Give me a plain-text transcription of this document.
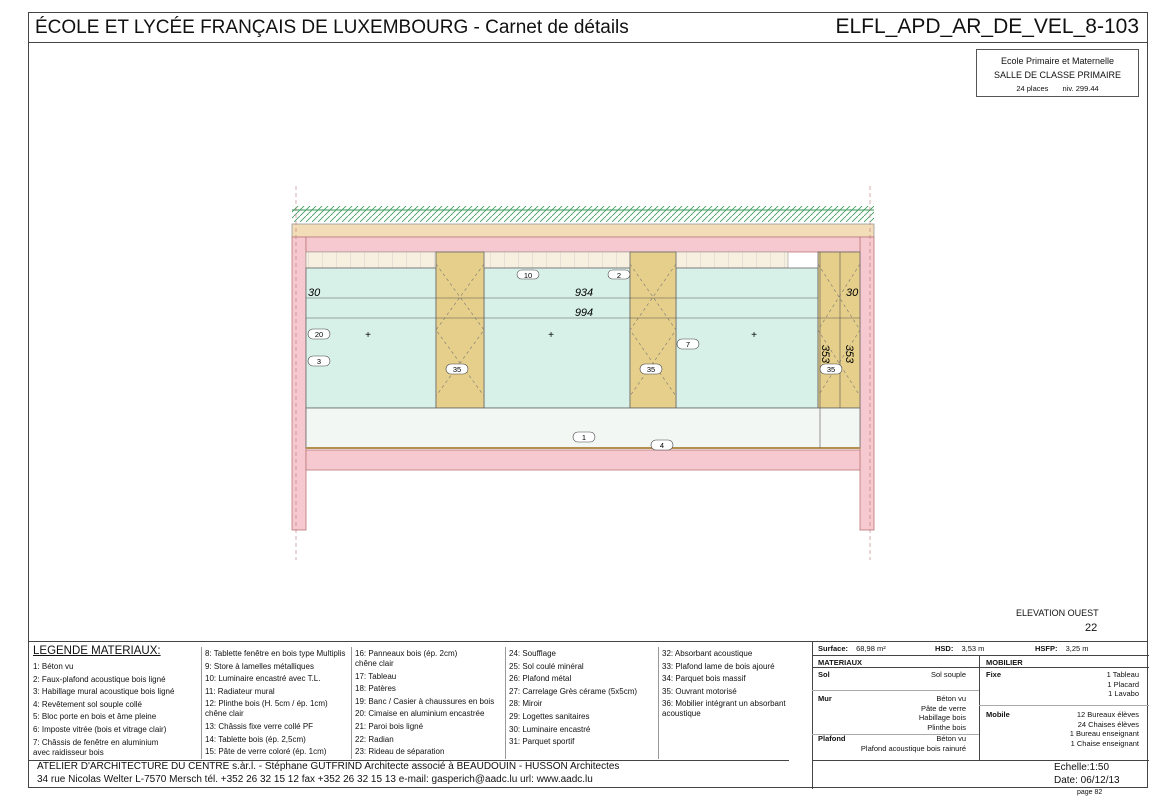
ÉCOLE ET LYCÉE FRANÇAIS DE LUXEMBOURG - Carnet de détails	ELFL_APD_AR_DE_VEL_8-103
Ecole Primaire et Maternelle
SALLE DE CLASSE PRIMAIRE
24 places niv. 299.44
ELEVATION OUEST
22
LEGENDE MATERIAUX:
1: Béton vu
2: Faux-plafond acoustique bois ligné
3: Habillage mural acoustique bois ligné
4: Revêtement sol souple collé
5: Bloc porte en bois et âme pleine
6: Imposte vitrée (bois et vitrage clair)
7: Châssis de fenêtre en aluminium
avec raidisseur bois
8: Tablette fenêtre en bois type Multiplis
9: Store à lamelles métalliques
10: Luminaire encastré avec T.L.
11: Radiateur mural
12: Plinthe bois (H. 5cm / ép. 1cm)
chêne clair
13: Châssis fixe verre collé PF
14: Tablette bois (ép. 2,5cm)
15: Pâte de verre coloré (ép. 1cm)
16: Panneaux bois (ép. 2cm)
chêne clair
17: Tableau
18: Patères
19: Banc / Casier à chaussures en bois
20: Cimaise en aluminium encastrée
21: Paroi bois ligné
22: Radian
23: Rideau de séparation
24: Soufflage
25: Sol coulé minéral
26: Plafond métal
27: Carrelage Grès cérame (5x5cm)
28: Miroir
29: Logettes sanitaires
30: Luminaire encastré
31: Parquet sportif
32: Absorbant acoustique
33: Plafond lame de bois ajouré
34: Parquet bois massif
35: Ouvrant motorisé
36: Mobilier intégrant un absorbant
acoustique
Surface: 68,98 m²	HSD: 3,53 m	HSFP: 3,25 m
MATERIAUX	MOBILIER
Sol	Sol souple
Mur	Béton vu
Pâte de verre
Habillage bois
Plinthe bois
Plafond	Béton vu
Plafond acoustique bois rainuré
Fixe	1 Tableau
1 Placard
1 Lavabo
Mobile	12 Bureaux élèves
24 Chaises élèves
1 Bureau enseignant
1 Chaise enseignant
ATELIER D'ARCHITECTURE DU CENTRE s.àr.l. - Stéphane GUTFRIND Architecte associé à BEAUDOUIN - HUSSON Architectes
34 rue Nicolas Welter L-7570 Mersch tél. +352 26 32 15 12 fax +352 26 32 15 13 e-mail: gasperich@aadc.lu url: www.aadc.lu
Echelle:1:50
Date: 06/12/13
page 82
+	+	+
30	934
994
30
353 353
10	2
20
3
7
35	35	35
1
4
